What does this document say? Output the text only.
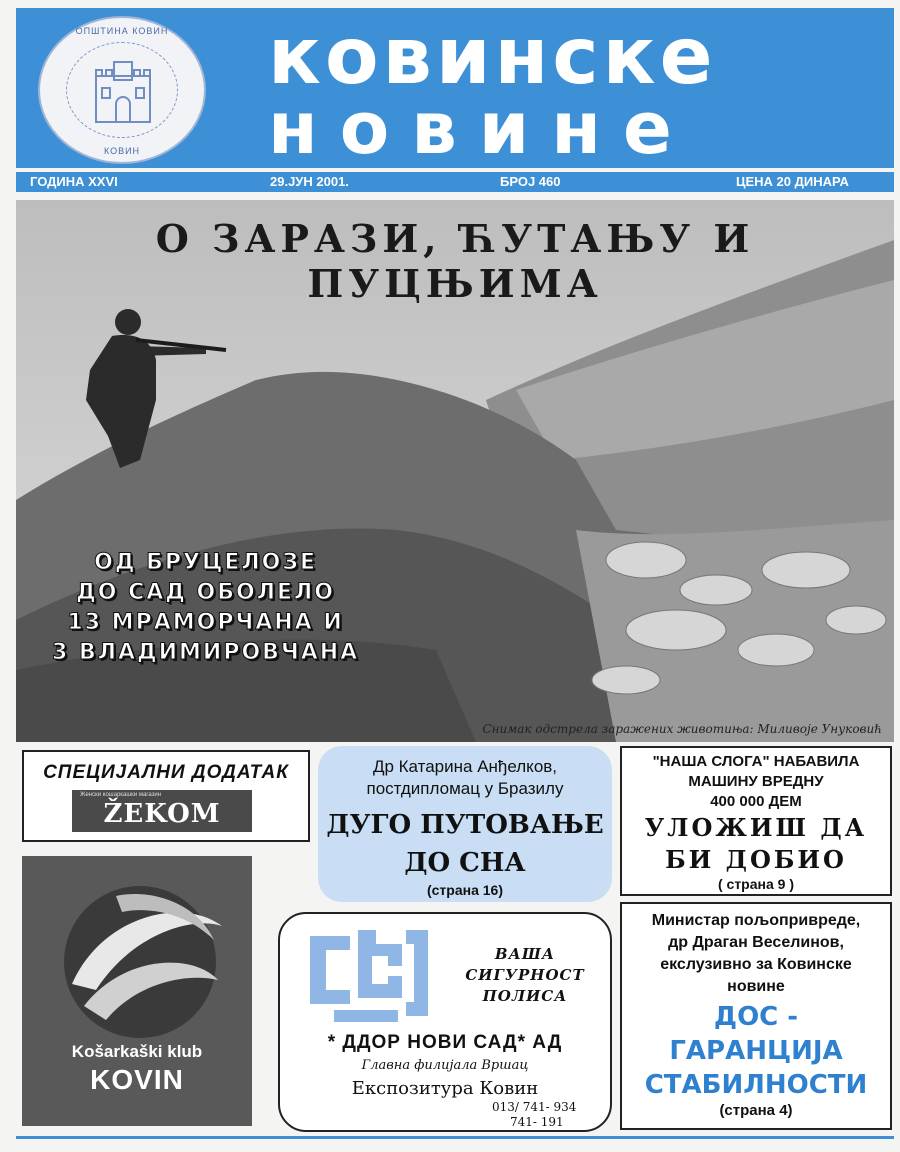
ОПШТИНА КОВИН
КОВИН
ковинске
новине
ГОДИНА XXVI	29.ЈУН 2001.	БРОЈ 460	ЦЕНА 20 ДИНАРА
О ЗАРАЗИ, ЋУТАЊУ И ПУЦЊИМА
ОД БРУЦЕЛОЗЕ
ДО САД ОБОЛЕЛО
13 МРАМОРЧАНА И
3 ВЛАДИМИРОВЧАНА
Снимак одстрела заражених животиња: Миливоје Унуковић
СПЕЦИЈАЛНИ ДОДАТАК
Женски кошаркашки магазин
ŽEKOM
Košarkaški klub
KOVIN
Др Катарина Анђелков,
постдипломац у Бразилу
ДУГО ПУТОВАЊЕ
ДО СНА
(страна 16)
"НАША СЛОГА" НАБАВИЛА
МАШИНУ ВРЕДНУ
400 000 ДЕМ
УЛОЖИШ ДА
БИ ДОБИО
( страна 9 )
ВАША
СИГУРНОСТ
ПОЛИСА
* ДДОР НОВИ САД* АД
Главна филијала Вршац
Експозитура Ковин
013/ 741- 934
741- 191
Министар пољопривреде,
др Драган Веселинов,
екслузивно за Ковинске
новине
ДОС -
ГАРАНЦИЈА
СТАБИЛНОСТИ
(страна 4)
